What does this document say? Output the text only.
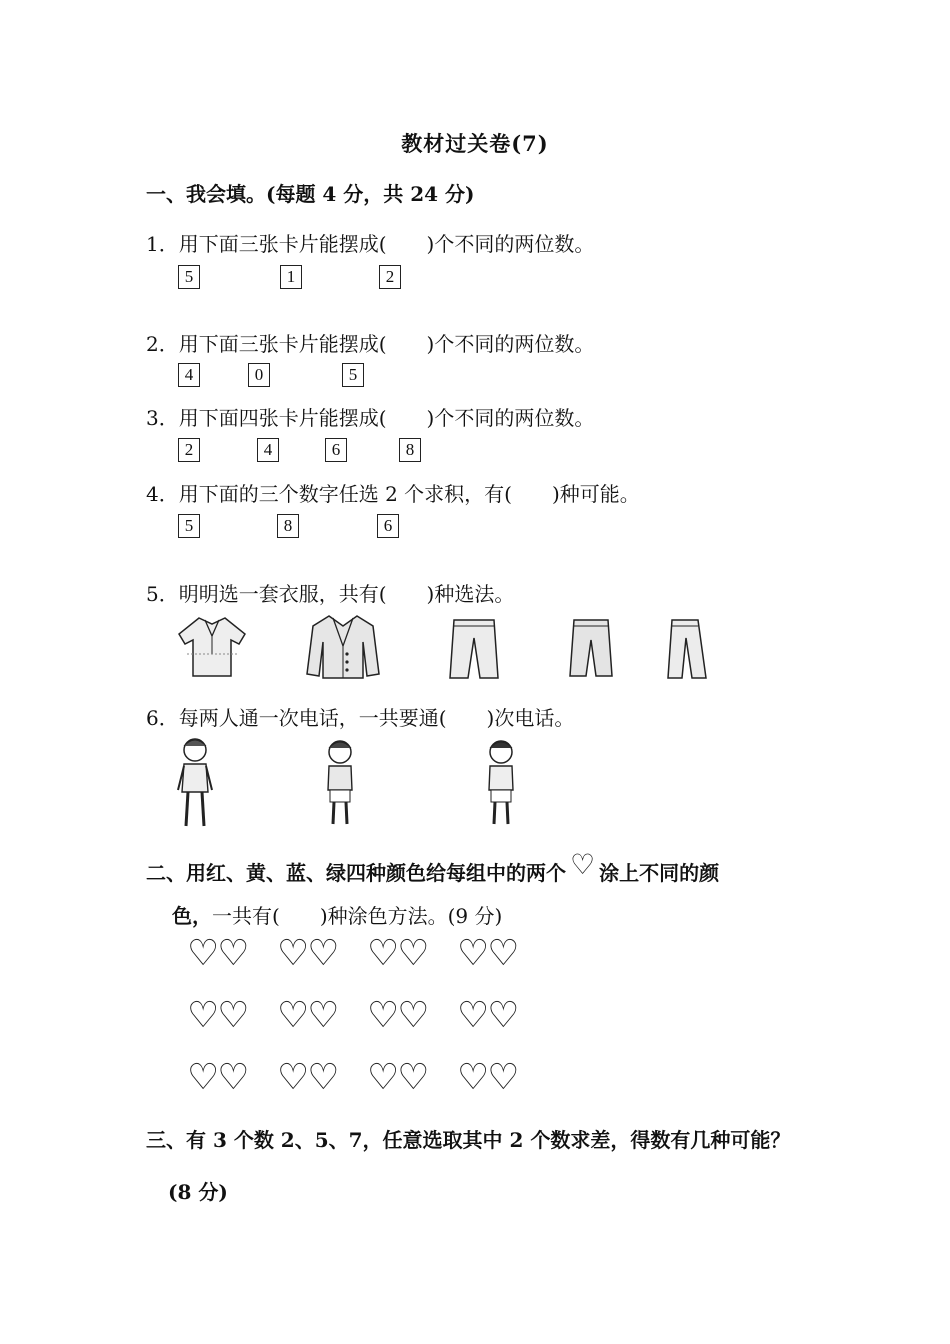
教材过关卷(7)
一、我会填。(每题 4 分，共 24 分)
1．用下面三张卡片能摆成( )个不同的两位数。
5	1	2
2．用下面三张卡片能摆成( )个不同的两位数。
4	0	5
3．用下面四张卡片能摆成( )个不同的两位数。
2	4	6	8
4．用下面的三个数字任选 2 个求积，有( )种可能。
5	8	6
5．明明选一套衣服，共有( )种选法。
6．每两人通一次电话，一共要通( )次电话。
二、用红、黄、蓝、绿四种颜色给每组中的两个 ♡ 涂上不同的颜
色，一共有( )种涂色方法。(9 分)
♡♡ ♡♡ ♡♡ ♡♡
♡♡ ♡♡ ♡♡ ♡♡
♡♡ ♡♡ ♡♡ ♡♡
三、有 3 个数 2、5、7，任意选取其中 2 个数求差，得数有几种可能？
(8 分)
